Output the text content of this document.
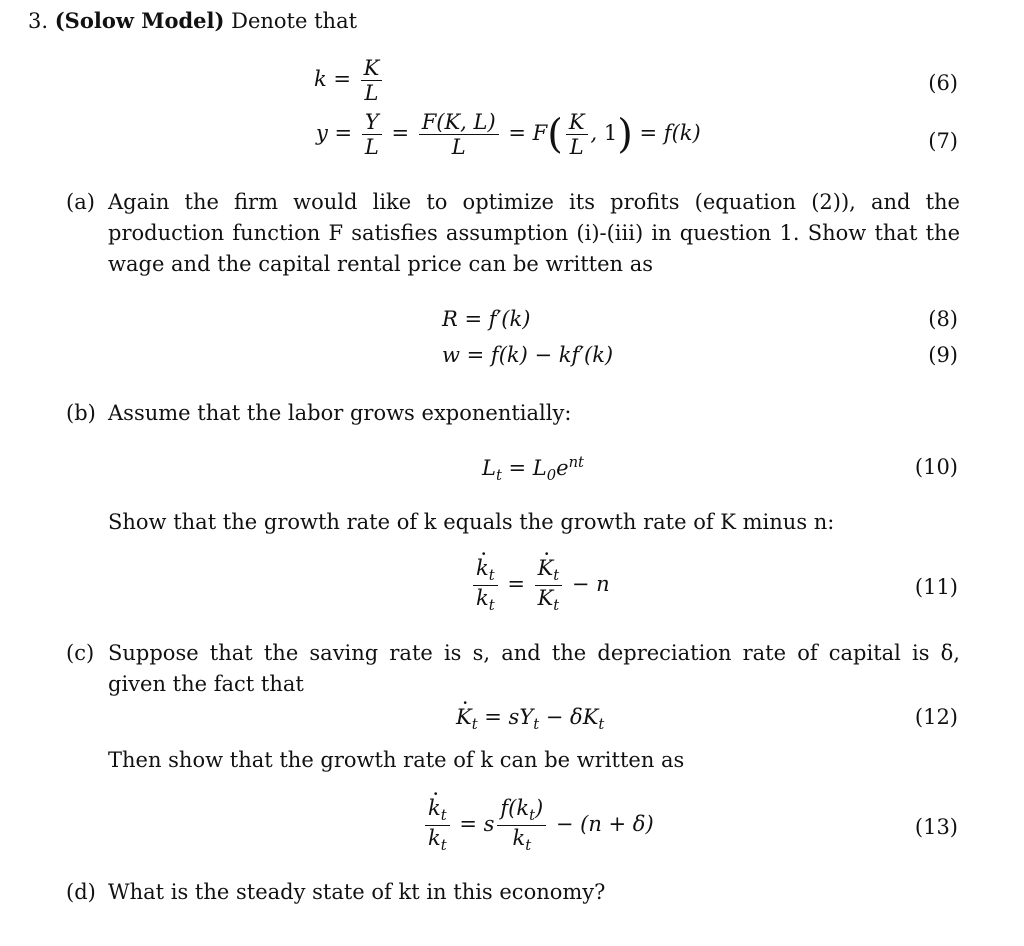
3. (Solow Model) Denote that
$k = \frac{K}{L}$	(6)
$y = \frac{Y}{L} = \frac{F(K, L)}{L} = F( \frac{K}{L}$ , 1) = f(k)	(7)
(a) Again the firm would like to optimize its profits (equation (2)), and the production function F satisfies assumption (i)-(iii) in question 1. Show that the wage and the capital rental price can be written as
R = f′(k)	(8)
w = f(k) − kf′(k)	(9)
(b) Assume that the labor grows exponentially:
$L_t = L_0e^{nt}$	(10)
Show that the growth rate of k equals the growth rate of K minus n:
· $\frac{k_t}{k_t}$ =
· $\frac{K_t}{K_t} - n$	(11)
(c) Suppose that the saving rate is s, and the depreciation rate of capital is δ, given the fact that
· $K_t = sY_t - \delta K_t$	(12)
Then show that the growth rate of k can be written as
· $\frac{k_t}{k_t} = s \frac{f(k_t)}{k_t} - (n + \delta)$	(13)
(d) What is the steady state of kt in this economy?
